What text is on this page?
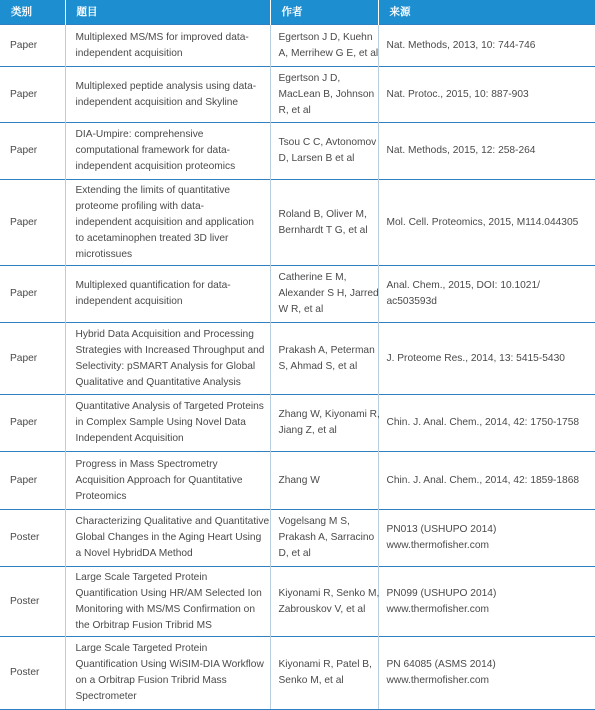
类别	题目	作者	来源
Paper	Multiplexed MS/MS for improved data-
independent acquisition	Egertson J D, Kuehn
A, Merrihew G E, et al	Nat. Methods, 2013, 10: 744-746

Paper	Multiplexed peptide analysis using data-
independent acquisition and Skyline	Egertson J D,
MacLean B, Johnson
R, et al	Nat. Protoc., 2015, 10: 887-903

Paper	DIA-Umpire: comprehensive
computational framework for data-
independent acquisition proteomics	Tsou C C, Avtonomov
D, Larsen B et al	Nat. Methods, 2015, 12: 258-264

Paper	Extending the limits of quantitative
proteome profiling with data-
independent acquisition and application
to acetaminophen treated 3D liver
microtissues	Roland B, Oliver M,
Bernhardt T G, et al	Mol. Cell. Proteomics, 2015, M114.044305

Paper	Multiplexed quantification for data-
independent acquisition	Catherine E M,
Alexander S H, Jarred
W R, et al	Anal. Chem., 2015, DOI: 10.1021/
ac503593d

Paper	Hybrid Data Acquisition and Processing
Strategies with Increased Throughput and
Selectivity: pSMART Analysis for Global
Qualitative and Quantitative Analysis	Prakash A, Peterman
S, Ahmad S, et al	J. Proteome Res., 2014, 13: 5415-5430

Paper	Quantitative Analysis of Targeted Proteins
in Complex Sample Using Novel Data
Independent Acquisition	Zhang W, Kiyonami R,
Jiang Z, et al	Chin. J. Anal. Chem., 2014, 42: 1750-1758

Paper	Progress in Mass Spectrometry
Acquisition Approach for Quantitative
Proteomics	Zhang W	Chin. J. Anal. Chem., 2014, 42: 1859-1868

Poster	Characterizing Qualitative and Quantitative
Global Changes in the Aging Heart Using
a Novel HybridDA Method	Vogelsang M S,
Prakash A, Sarracino
D, et al	PN013 (USHUPO 2014)
www.thermofisher.com

Poster	Large Scale Targeted Protein
Quantification Using HR/AM Selected Ion
Monitoring with MS/MS Confirmation on
the Orbitrap Fusion Tribrid MS	Kiyonami R, Senko M,
Zabrouskov V, et al	PN099 (USHUPO 2014)
www.thermofisher.com

Poster	Large Scale Targeted Protein
Quantification Using WiSIM-DIA Workflow
on a Orbitrap Fusion Tribrid Mass
Spectrometer	Kiyonami R, Patel B,
Senko M, et al	PN 64085 (ASMS 2014)
www.thermofisher.com
